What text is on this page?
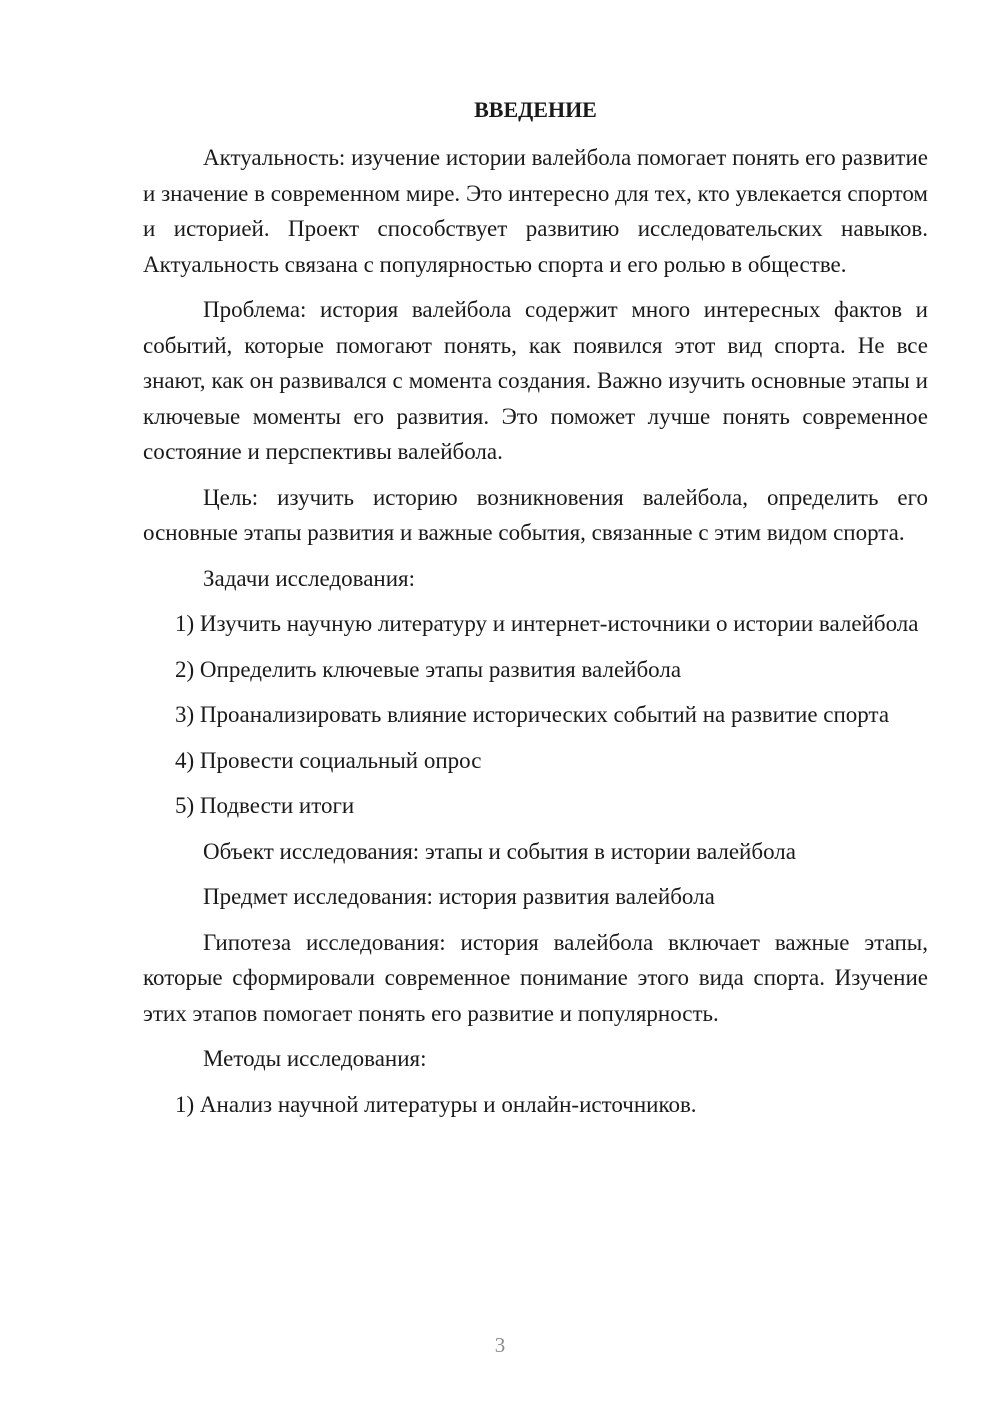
ВВЕДЕНИЕ

Актуальность: изучение истории валейбола помогает понять его развитие и значение в современном мире. Это интересно для тех, кто увлекается спортом и историей. Проект способствует развитию исследовательских навыков. Актуальность связана с популярностью спорта и его ролью в обществе.

Проблема: история валейбола содержит много интересных фактов и событий, которые помогают понять, как появился этот вид спорта. Не все знают, как он развивался с момента создания. Важно изучить основные этапы и ключевые моменты его развития. Это поможет лучше понять современное состояние и перспективы валейбола.

Цель: изучить историю возникновения валейбола, определить его основные этапы развития и важные события, связанные с этим видом спорта.

Задачи исследования:

1) Изучить научную литературу и интернет-источники о истории валейбола

2) Определить ключевые этапы развития валейбола

3) Проанализировать влияние исторических событий на развитие спорта

4) Провести социальный опрос

5) Подвести итоги

Объект исследования: этапы и события в истории валейбола

Предмет исследования: история развития валейбола

Гипотеза исследования: история валейбола включает важные этапы, которые сформировали современное понимание этого вида спорта. Изучение этих этапов помогает понять его развитие и популярность.

Методы исследования:

1) Анализ научной литературы и онлайн-источников.

3
